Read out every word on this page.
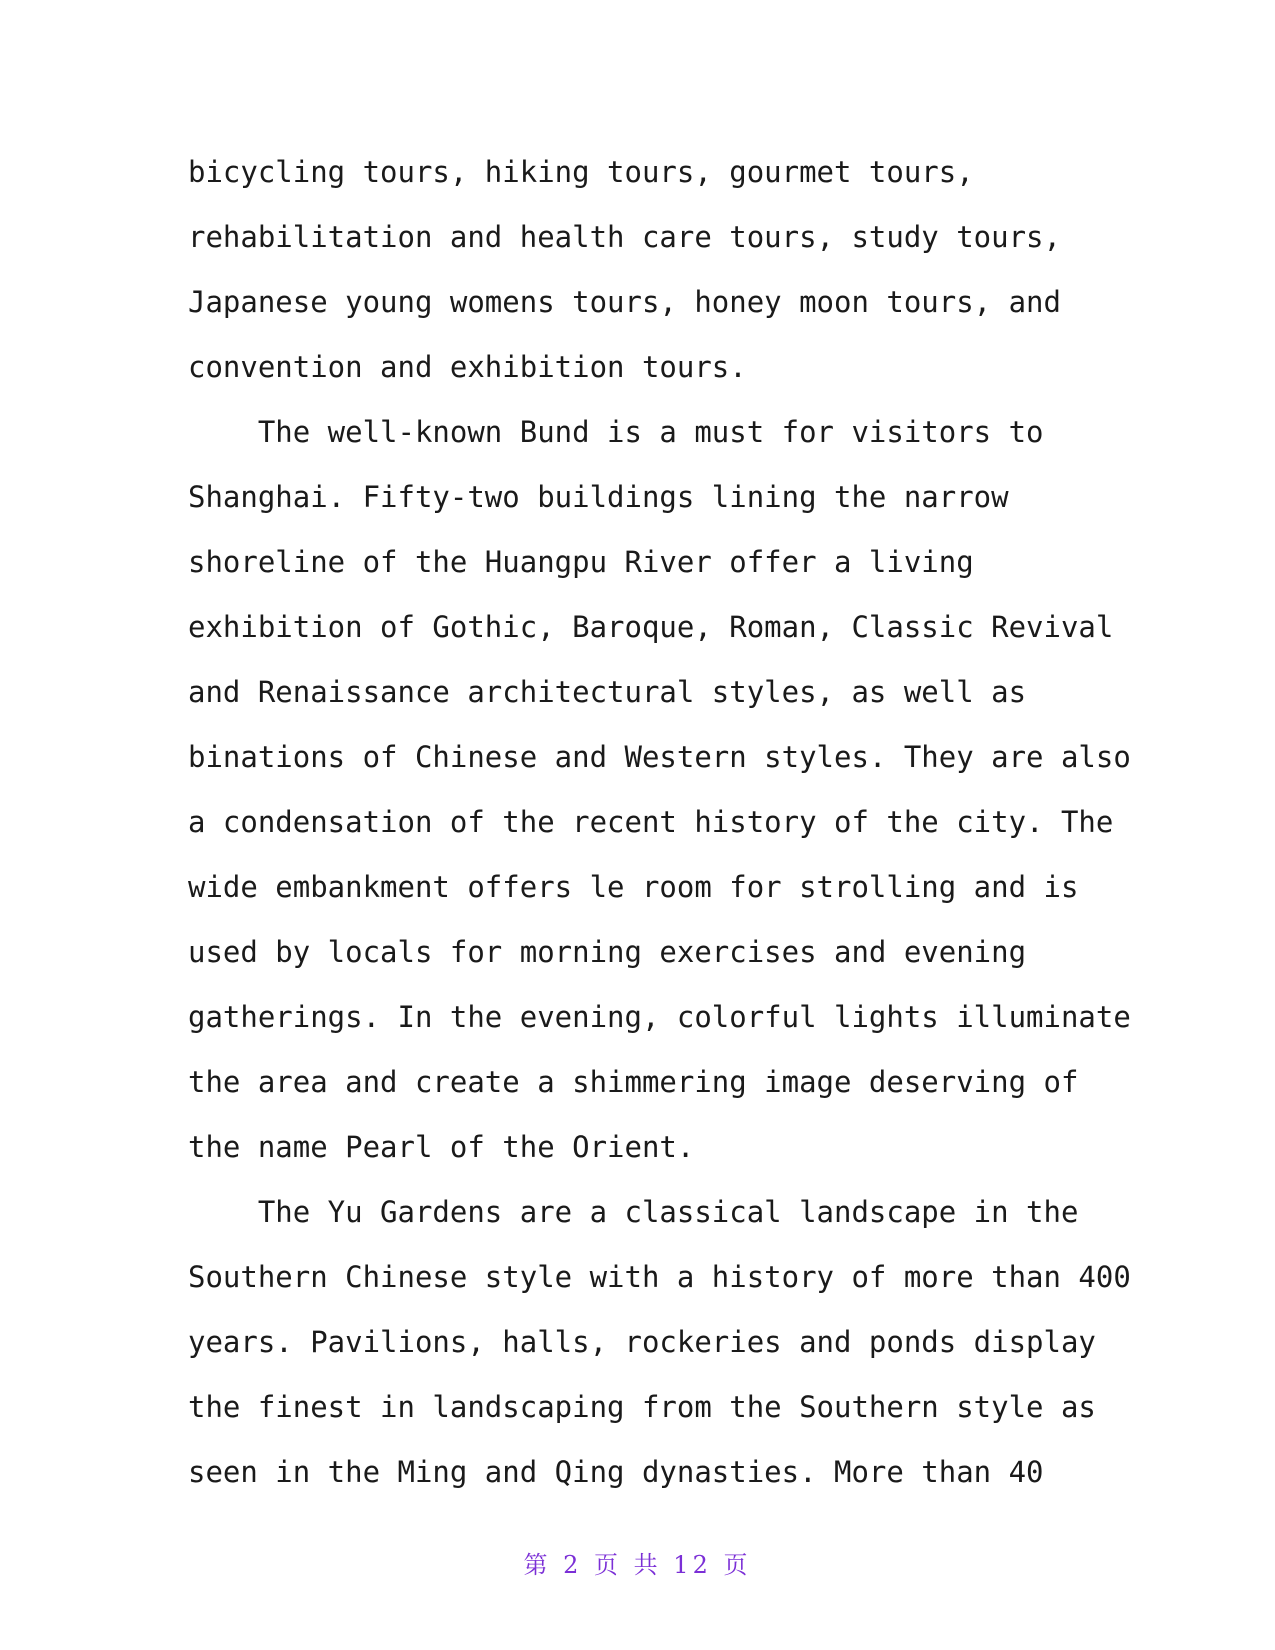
bicycling tours, hiking tours, gourmet tours,
rehabilitation and health care tours, study tours,
Japanese young womens tours, honey moon tours, and
convention and exhibition tours.
The well-known Bund is a must for visitors to
Shanghai. Fifty-two buildings lining the narrow
shoreline of the Huangpu River offer a living
exhibition of Gothic, Baroque, Roman, Classic Revival
and Renaissance architectural styles, as well as
binations of Chinese and Western styles. They are also
a condensation of the recent history of the city. The
wide embankment offers le room for strolling and is
used by locals for morning exercises and evening
gatherings. In the evening, colorful lights illuminate
the area and create a shimmering image deserving of
the name Pearl of the Orient.
The Yu Gardens are a classical landscape in the
Southern Chinese style with a history of more than 400
years. Pavilions, halls, rockeries and ponds display
the finest in landscaping from the Southern style as
seen in the Ming and Qing dynasties. More than 40
第 2 页 共 12 页
